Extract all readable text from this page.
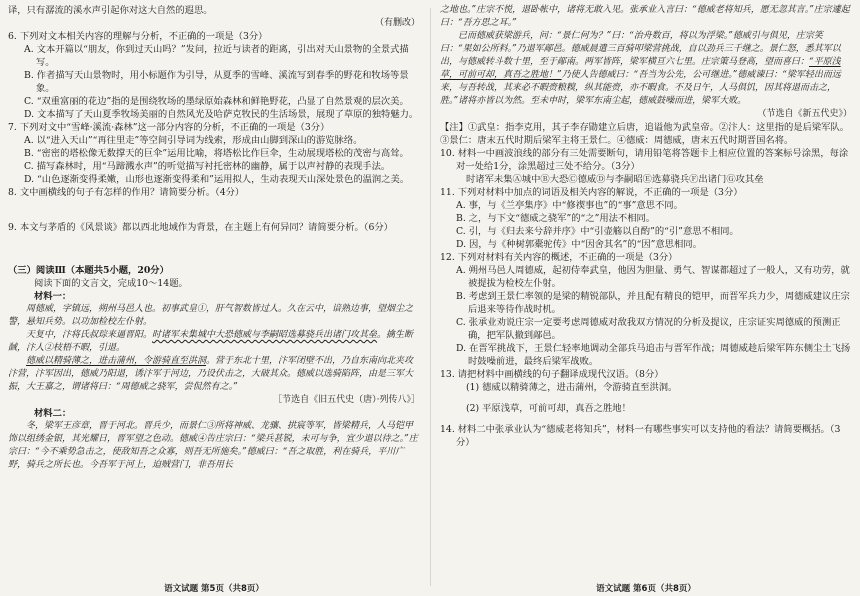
译，只有潺流的溪水声引起你对这大自然的遐思。

（有删改）

6. 下列对文本相关内容的理解与分析，不正确的一项是（3分）

A. 文本开篇以“朋友，你到过天山吗？”发问，拉近与读者的距离，引出对天山景物的全景式描写。

B. 作者描写天山景物时，用小标题作为引导，从夏季的雪峰、溪流写到春季的野花和牧场等景象。

C. “双重富丽的花边”指的是围绕牧场的墨绿原始森林和鲜艳野花，凸显了自然景观的层次美。

D. 文本描写了天山夏季牧场美丽的自然风光及哈萨克牧民的生活场景，展现了草原的独特魅力。

7. 下列对文中“雪峰·溪流·森林”这一部分内容的分析，不正确的一项是（3分）

A. 以“进入天山”“再往里走”等空间引导词为线索，形成由山脚到深山的游览脉络。

B. “密密的塔松像无数撑天的巨伞”运用比喻，将塔松比作巨伞，生动展现塔松的茂密与高耸。

C. 描写森林时，用“马蹄溅水声”的听觉描写衬托密林的幽静，属于以声衬静的表现手法。

D. “山色逐渐变得柔嫩，山形也逐渐变得柔和”运用拟人，生动表现天山深处景色的温润之美。

8. 文中画横线的句子有怎样的作用？请简要分析。（4分）

9. 本文与茅盾的《风景谈》都以西北地域作为背景，在主题上有何异同？请简要分析。（6分）

（三）阅读Ⅲ（本题共5小题，20分）

阅读下面的文言文，完成10～14题。

材料一：

周德威，字镇远，朔州马邑人也。初事武皇①，肝气智数皆过人。久在云中，谙熟边事，望烟尘之警，悬知兵势。以功加检校左仆射。

天复中，汴将氏叔琮来逼晋阳。时诸军未集城中大恐德威与李嗣昭选募骁兵出诸门攻其垒。擒生断馘，汴人②枝梧不暇，引退。

德威以精骑薄之，进击蒲州，令游骑直至洪洞。营于东北十里，汴军闭壁不出，乃自东南向北夹攻汴营，汴军因出，德威乃阳退，诱汴军于河边，乃设伏击之，大破其众。德威以选骑陷阵，由是三军大振，大王嘉之，谓诸将曰：“周德威之骁军，尝侃然有之。”

［节选自《旧五代史（唐）·列传八》］

材料二：

冬，梁军王彦章，晋于河北。晋兵少，而景仁③所将神威、龙骧、拱宸等军，皆梁精兵，人马铠甲饰以组绣金银，其光耀日，晋军望之色动。德威④告庄宗曰：“梁兵甚锐，未可与争，宜少退以待之。”庄宗曰：“今不乘势急击之，使敌知吾之众寡，则吾无所施矣。”德威曰：“吾之取胜，利在骑兵，平川广野，骑兵之所长也。今吾军于河上，迫贼营门，非吾用长

语文试题 第5页（共8页）

之地也。”庄宗不悦，退卧帐中，诸将无敢入见。张承业入言曰：“德威老将知兵，愿无忽其言。”庄宗遽起曰：“吾方思之耳。”

已而德威获梁游兵，问：“景仁何为？”曰：“治舟数百，将以为浮梁。”德威引与俱见，庄宗笑曰：“果如公所料。”乃退军鄗邑。德威晨遣三百骑叩梁营挑战，自以劲兵三千继之。景仁怒，悉其军以出，与德威转斗数十里，至于鄗南。两军皆阵，梁军横亘六七里。庄宗策马登高，望而喜曰：“平原浅草，可前可却，真吾之胜地！”乃使人告德威曰：“吾当为公先，公可继进。”德威谏曰：“梁军轻出而远来，与吾转战，其来必不暇赍粮糗，纵其能赍，亦不暇食。不及日午，人马俱饥，因其将退而击之，胜。”诸将亦皆以为然。至未申时，梁军东南尘起，德威鼓噪而进，梁军大败。

（节选自《新五代史》）

【注】①武皇：指李克用，其子李存勖建立后唐，追谥他为武皇帝。②汴人：这里指的是后梁军队。③景仁：唐末五代时期后梁军主将王景仁。④德威：周德威，唐末五代时期晋国名将。

10. 材料一中画波浪线的部分有三处需要断句，请用铅笔将答题卡上相应位置的答案标号涂黑，每涂对一处给1分，涂黑超过三处不给分。（3分）

时诸军未集Ⓐ城中Ⓑ大恐Ⓒ德威Ⓓ与李嗣昭Ⓔ选募骁兵Ⓕ出诸门Ⓖ攻其垒

11. 下列对材料中加点的词语及相关内容的解说，不正确的一项是（3分）

A. 事，与《兰亭集序》中“修禊事也”的“事”意思不同。

B. 之，与下文“德威之骁军”的“之”用法不相同。

C. 引，与《归去来兮辞并序》中“引壶觞以自酌”的“引”意思不相同。

D. 因，与《种树郭橐驼传》中“因舍其名”的“因”意思相同。

12. 下列对材料有关内容的概述，不正确的一项是（3分）

A. 朔州马邑人周德威，起初侍奉武皇，他因为胆量、勇气、智谋都超过了一般人，又有功劳，就被提拔为检校左仆射。

B. 考虑到王景仁率领的是梁的精锐部队，并且配有精良的铠甲，而晋军兵力少，周德威建议庄宗后退来等待作战时机。

C. 张承业劝说庄宗一定要考虑周德威对敌我双方情况的分析及提议，庄宗证实周德威的预测正确，把军队撤到鄗邑。

D. 在晋军挑战下，王景仁轻率地调动全部兵马追击与晋军作战；周德威趁后梁军阵东侧尘土飞扬时鼓噪前进，最终后梁军战败。

13. 请把材料中画横线的句子翻译成现代汉语。（8分）

(1) 德威以精骑薄之，进击蒲州，令游骑直至洪洞。

(2) 平原浅草，可前可却，真吾之胜地！

14. 材料二中张承业认为“德威老将知兵”，材料一有哪些事实可以支持他的看法？请简要概括。（3分）

语文试题 第6页（共8页）
